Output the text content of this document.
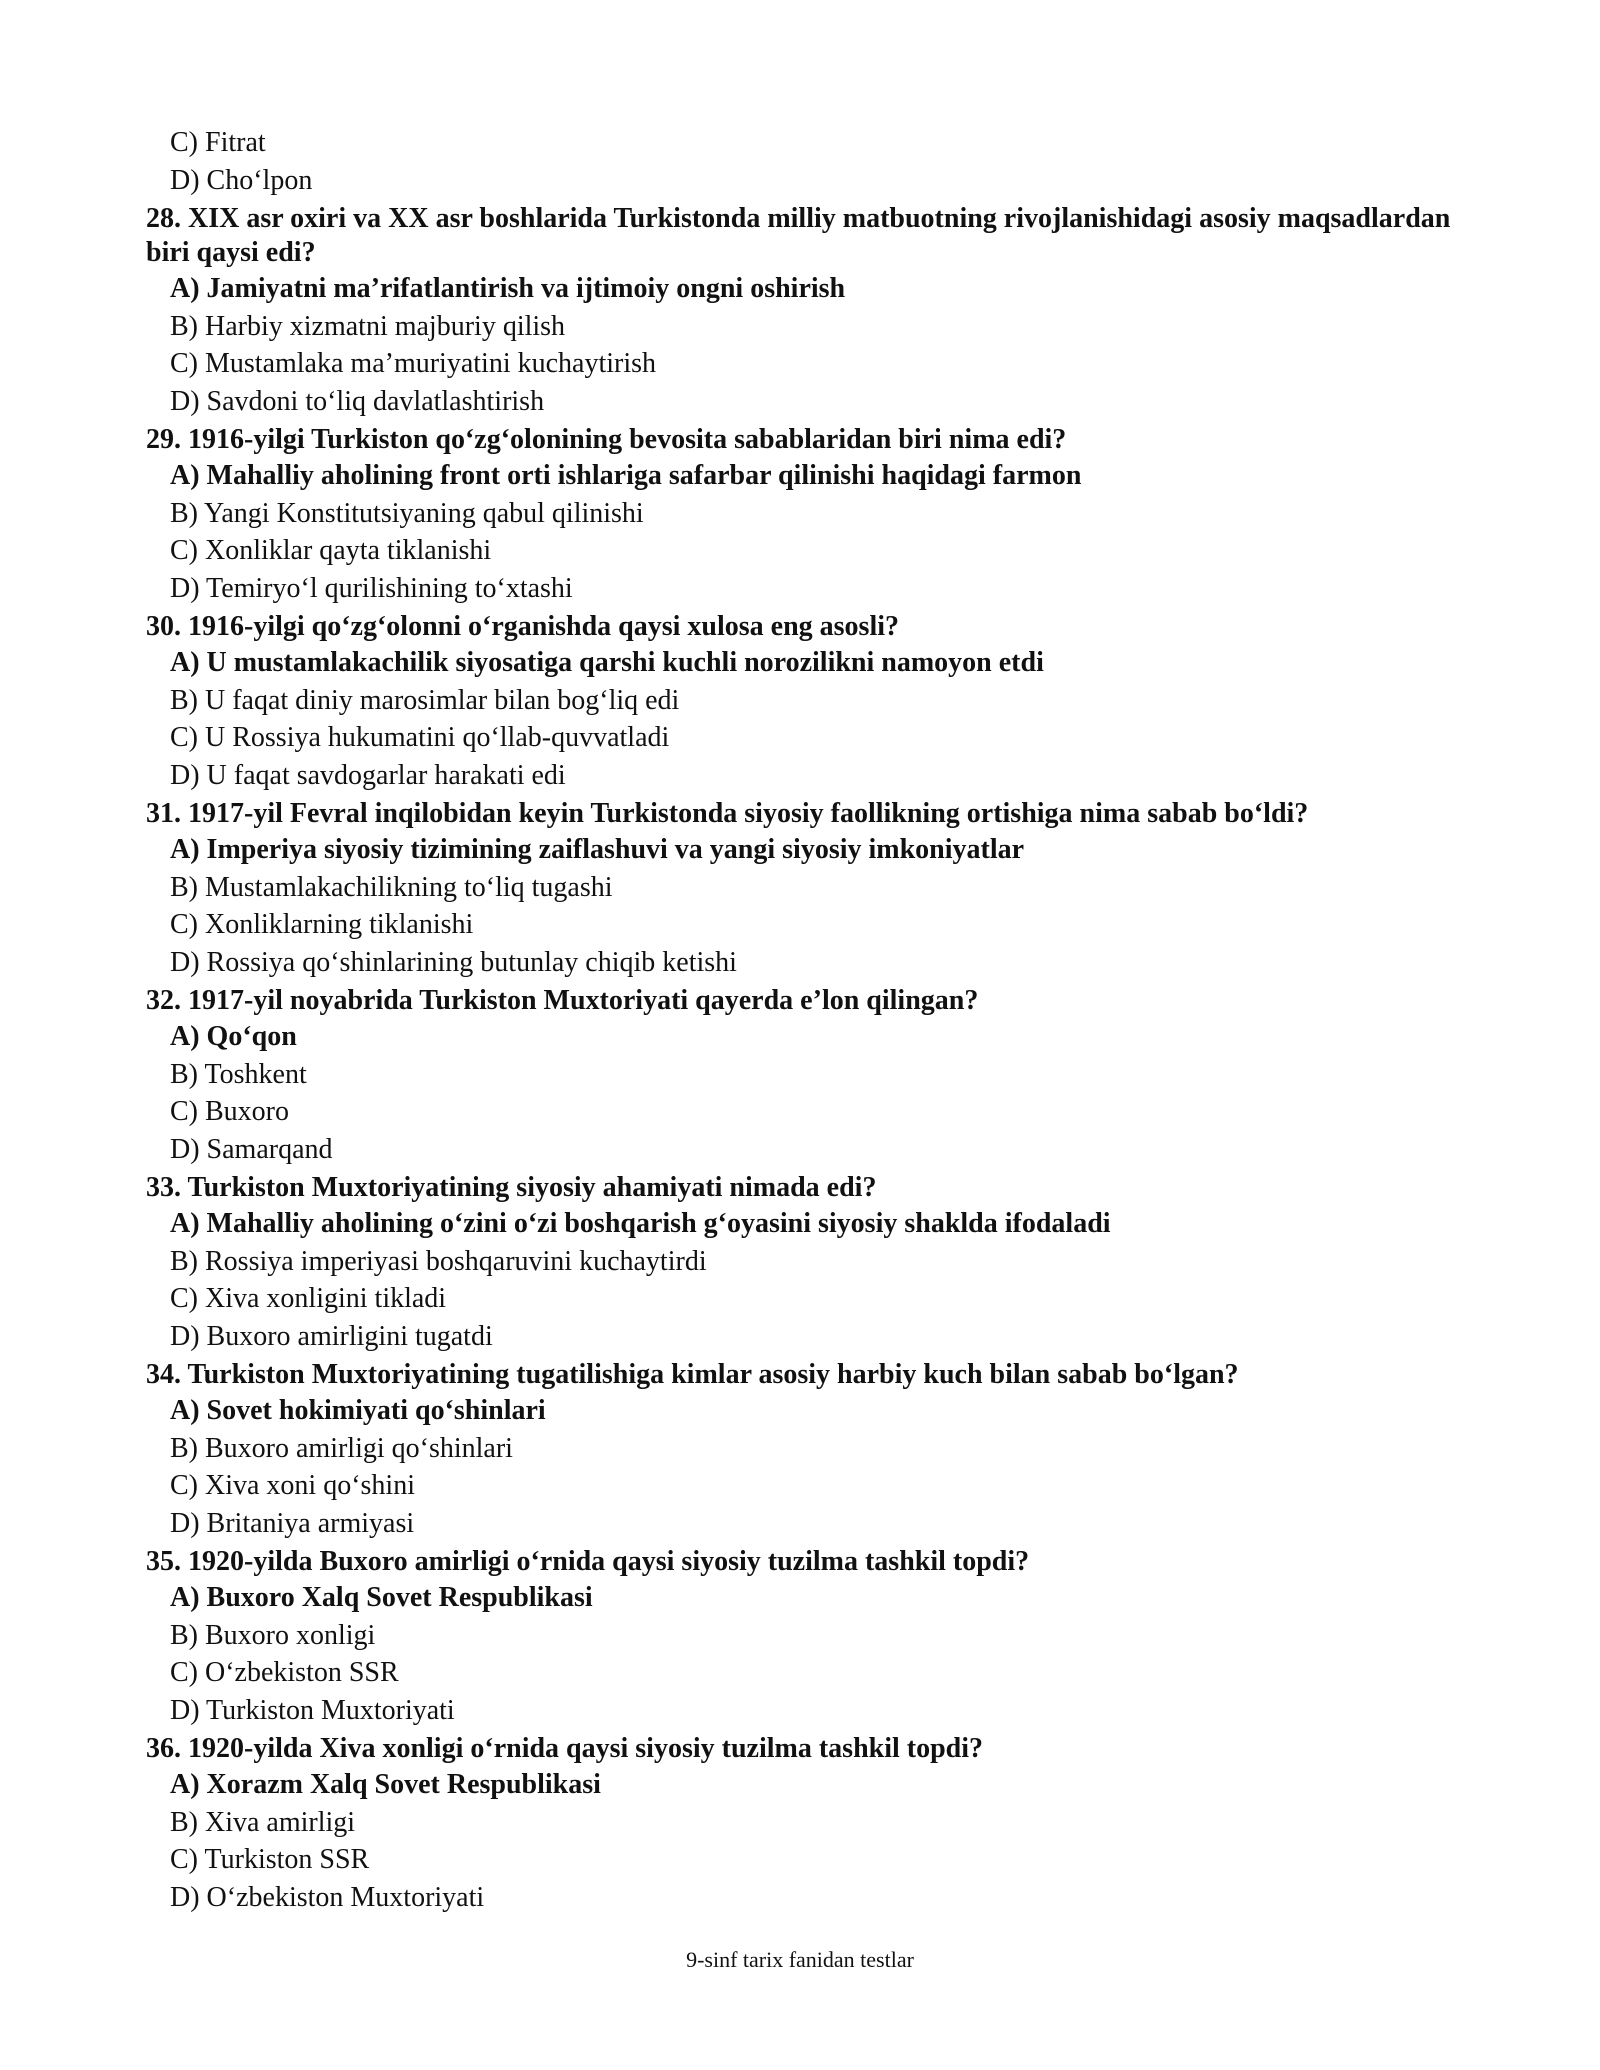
C) Fitrat
D) Cho‘lpon
28. XIX asr oxiri va XX asr boshlarida Turkistonda milliy matbuotning rivojlanishidagi asosiy maqsadlardan biri qaysi edi?
A) Jamiyatni ma’rifatlantirish va ijtimoiy ongni oshirish
B) Harbiy xizmatni majburiy qilish
C) Mustamlaka ma’muriyatini kuchaytirish
D) Savdoni to‘liq davlatlashtirish
29. 1916-yilgi Turkiston qo‘zg‘olonining bevosita sabablaridan biri nima edi?
A) Mahalliy aholining front orti ishlariga safarbar qilinishi haqidagi farmon
B) Yangi Konstitutsiyaning qabul qilinishi
C) Xonliklar qayta tiklanishi
D) Temiryo‘l qurilishining to‘xtashi
30. 1916-yilgi qo‘zg‘olonni o‘rganishda qaysi xulosa eng asosli?
A) U mustamlakachilik siyosatiga qarshi kuchli norozilikni namoyon etdi
B) U faqat diniy marosimlar bilan bog‘liq edi
C) U Rossiya hukumatini qo‘llab-quvvatladi
D) U faqat savdogarlar harakati edi
31. 1917-yil Fevral inqilobidan keyin Turkistonda siyosiy faollikning ortishiga nima sabab bo‘ldi?
A) Imperiya siyosiy tizimining zaiflashuvi va yangi siyosiy imkoniyatlar
B) Mustamlakachilikning to‘liq tugashi
C) Xonliklarning tiklanishi
D) Rossiya qo‘shinlarining butunlay chiqib ketishi
32. 1917-yil noyabrida Turkiston Muxtoriyati qayerda e’lon qilingan?
A) Qo‘qon
B) Toshkent
C) Buxoro
D) Samarqand
33. Turkiston Muxtoriyatining siyosiy ahamiyati nimada edi?
A) Mahalliy aholining o‘zini o‘zi boshqarish g‘oyasini siyosiy shaklda ifodaladi
B) Rossiya imperiyasi boshqaruvini kuchaytirdi
C) Xiva xonligini tikladi
D) Buxoro amirligini tugatdi
34. Turkiston Muxtoriyatining tugatilishiga kimlar asosiy harbiy kuch bilan sabab bo‘lgan?
A) Sovet hokimiyati qo‘shinlari
B) Buxoro amirligi qo‘shinlari
C) Xiva xoni qo‘shini
D) Britaniya armiyasi
35. 1920-yilda Buxoro amirligi o‘rnida qaysi siyosiy tuzilma tashkil topdi?
A) Buxoro Xalq Sovet Respublikasi
B) Buxoro xonligi
C) O‘zbekiston SSR
D) Turkiston Muxtoriyati
36. 1920-yilda Xiva xonligi o‘rnida qaysi siyosiy tuzilma tashkil topdi?
A) Xorazm Xalq Sovet Respublikasi
B) Xiva amirligi
C) Turkiston SSR
D) O‘zbekiston Muxtoriyati
9-sinf tarix fanidan testlar
